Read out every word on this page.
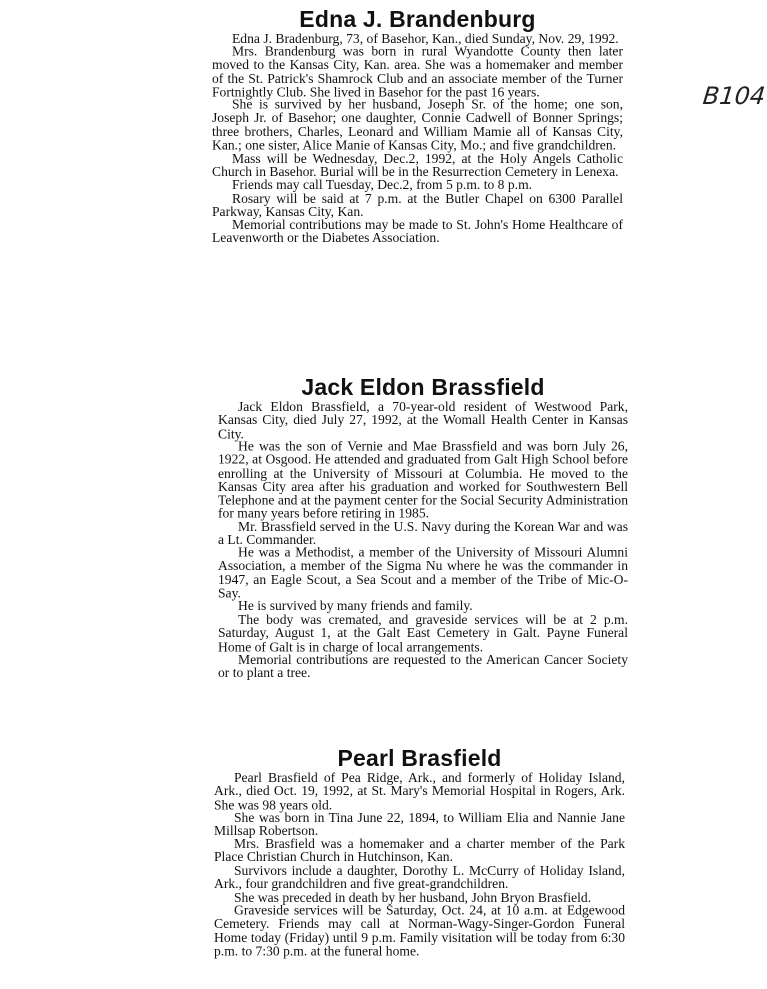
B104
Edna J. Brandenburg

Edna J. Bradenburg, 73, of Basehor, Kan., died Sunday, Nov. 29, 1992.

Mrs. Brandenburg was born in rural Wyandotte County then later moved to the Kansas City, Kan. area. She was a homemaker and member of the St. Patrick's Shamrock Club and an associate member of the Turner Fortnightly Club. She lived in Basehor for the past 16 years.

She is survived by her husband, Joseph Sr. of the home; one son, Joseph Jr. of Basehor; one daughter, Connie Cadwell of Bonner Springs; three brothers, Charles, Leonard and William Mamie all of Kansas City, Kan.; one sister, Alice Manie of Kansas City, Mo.; and five grandchildren.

Mass will be Wednesday, Dec.2, 1992, at the Holy Angels Catholic Church in Basehor. Burial will be in the Resurrection Cemetery in Lenexa.

Friends may call Tuesday, Dec.2, from 5 p.m. to 8 p.m.

Rosary will be said at 7 p.m. at the Butler Chapel on 6300 Parallel Parkway, Kansas City, Kan.

Memorial contributions may be made to St. John's Home Healthcare of Leavenworth or the Diabetes Association.

Jack Eldon Brassfield

Jack Eldon Brassfield, a 70-year-old resident of Westwood Park, Kansas City, died July 27, 1992, at the Womall Health Center in Kansas City.

He was the son of Vernie and Mae Brassfield and was born July 26, 1922, at Osgood. He attended and graduated from Galt High School before enrolling at the University of Missouri at Columbia. He moved to the Kansas City area after his graduation and worked for Southwestern Bell Telephone and at the payment center for the Social Security Administration for many years before retiring in 1985.

Mr. Brassfield served in the U.S. Navy during the Korean War and was a Lt. Commander.

He was a Methodist, a member of the University of Missouri Alumni Association, a member of the Sigma Nu where he was the commander in 1947, an Eagle Scout, a Sea Scout and a member of the Tribe of Mic-O-Say.

He is survived by many friends and family.

The body was cremated, and graveside services will be at 2 p.m. Saturday, August 1, at the Galt East Cemetery in Galt. Payne Funeral Home of Galt is in charge of local arrangements.

Memorial contributions are requested to the American Cancer Society or to plant a tree.

Pearl Brasfield

Pearl Brasfield of Pea Ridge, Ark., and formerly of Holiday Island, Ark., died Oct. 19, 1992, at St. Mary's Memorial Hospital in Rogers, Ark. She was 98 years old.

She was born in Tina June 22, 1894, to William Elia and Nannie Jane Millsap Robertson.

Mrs. Brasfield was a homemaker and a charter member of the Park Place Christian Church in Hutchinson, Kan.

Survivors include a daughter, Dorothy L. McCurry of Holiday Island, Ark., four grandchildren and five great-grandchildren.

She was preceded in death by her husband, John Bryon Brasfield.

Graveside services will be Saturday, Oct. 24, at 10 a.m. at Edgewood Cemetery. Friends may call at Norman-Wagy-Singer-Gordon Funeral Home today (Friday) until 9 p.m. Family visitation will be today from 6:30 p.m. to 7:30 p.m. at the funeral home.
